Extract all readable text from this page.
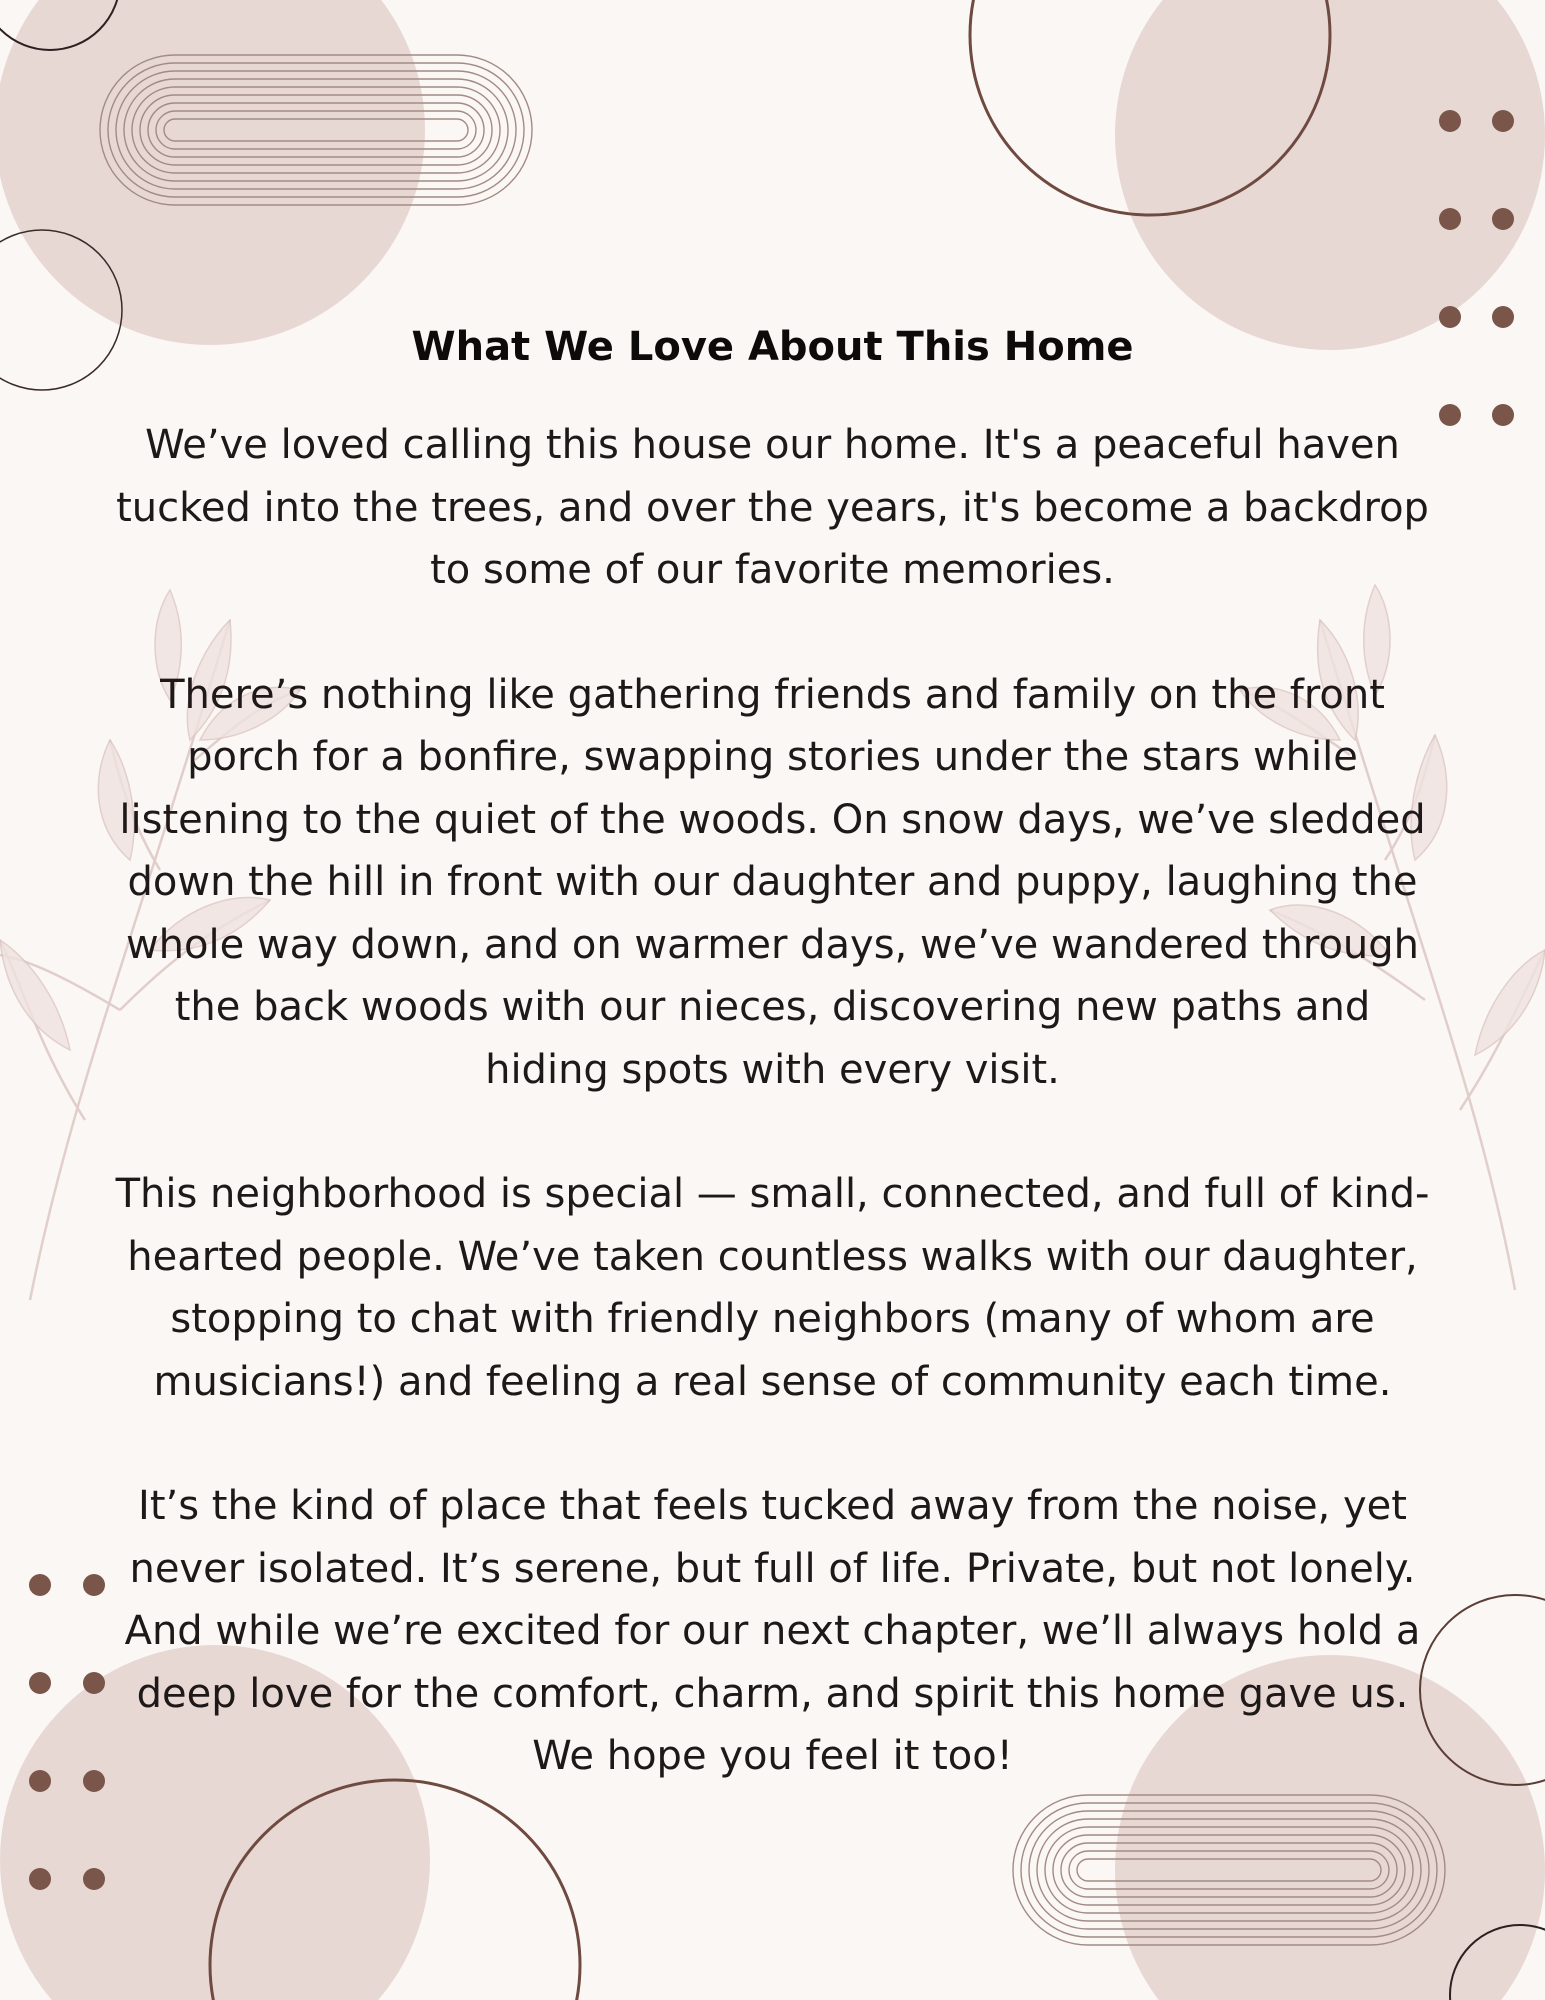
What We Love About This Home

We’ve loved calling this house our home. It's a peaceful haven tucked into the trees, and over the years, it's become a backdrop to some of our favorite memories.

There’s nothing like gathering friends and family on the front porch for a bonfire, swapping stories under the stars while listening to the quiet of the woods. On snow days, we’ve sledded down the hill in front with our daughter and puppy, laughing the whole way down, and on warmer days, we’ve wandered through the back woods with our nieces, discovering new paths and hiding spots with every visit.

This neighborhood is special — small, connected, and full of kind-hearted people. We’ve taken countless walks with our daughter, stopping to chat with friendly neighbors (many of whom are musicians!) and feeling a real sense of community each time.

It’s the kind of place that feels tucked away from the noise, yet never isolated. It’s serene, but full of life. Private, but not lonely. And while we’re excited for our next chapter, we’ll always hold a deep love for the comfort, charm, and spirit this home gave us. We hope you feel it too!
